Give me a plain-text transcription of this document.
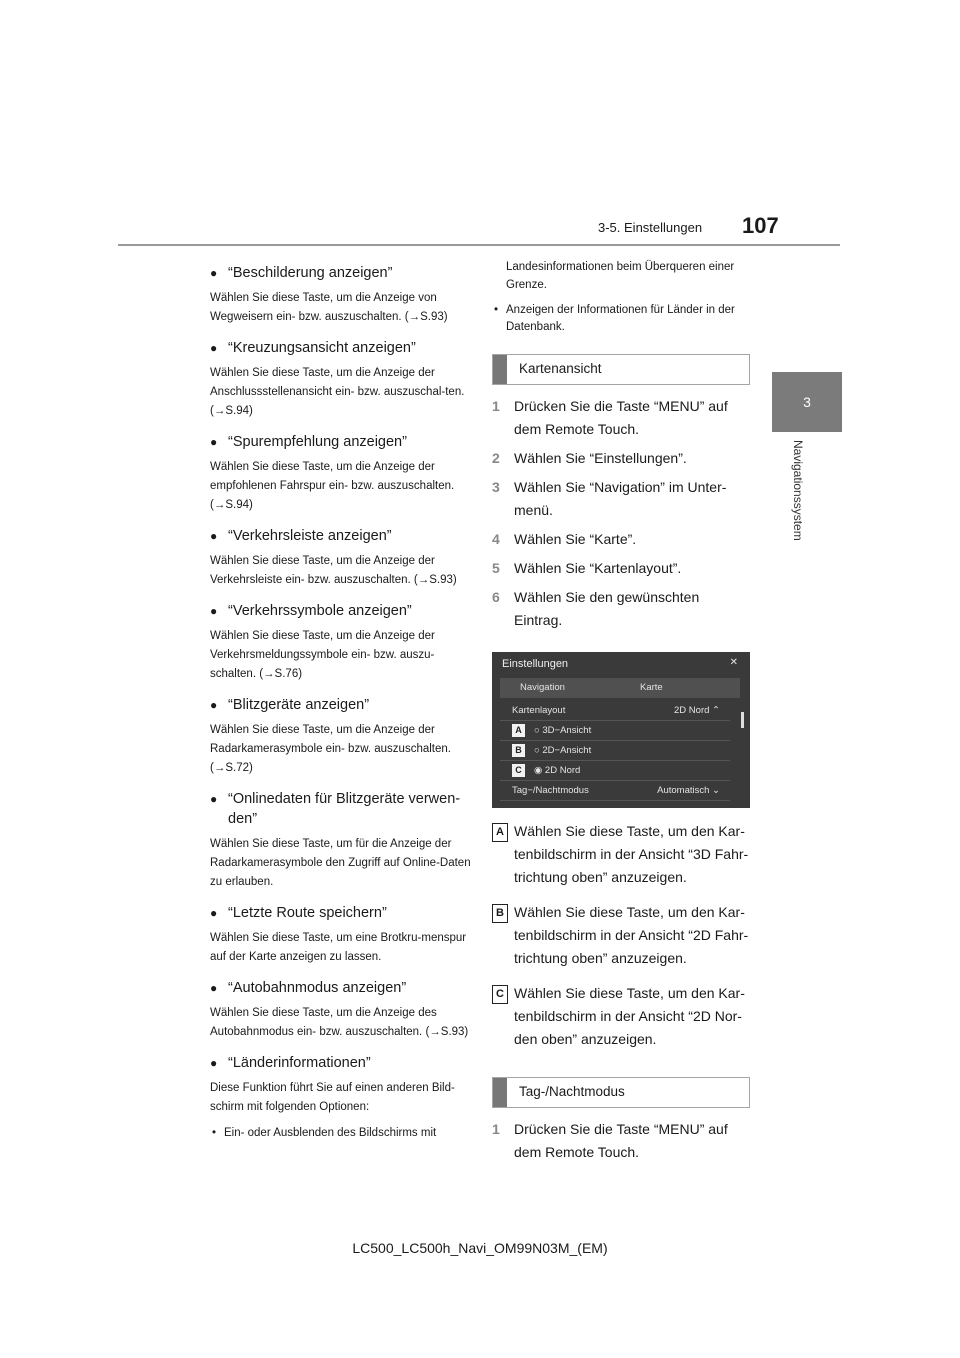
3-5. Einstellungen 107
3
Navigationssystem
● “Beschilderung anzeigen”
Wählen Sie diese Taste, um die Anzeige von Wegweisern ein- bzw. auszuschalten. (→S.93)
● “Kreuzungsansicht anzeigen”
Wählen Sie diese Taste, um die Anzeige der Anschlussstellenansicht ein- bzw. auszuschal-ten. (→S.94)
● “Spurempfehlung anzeigen”
Wählen Sie diese Taste, um die Anzeige der empfohlenen Fahrspur ein- bzw. auszuschalten. (→S.94)
● “Verkehrsleiste anzeigen”
Wählen Sie diese Taste, um die Anzeige der Verkehrsleiste ein- bzw. auszuschalten. (→S.93)
● “Verkehrssymbole anzeigen”
Wählen Sie diese Taste, um die Anzeige der Verkehrsmeldungssymbole ein- bzw. auszu-schalten. (→S.76)
● “Blitzgeräte anzeigen”
Wählen Sie diese Taste, um die Anzeige der Radarkamerasymbole ein- bzw. auszuschalten. (→S.72)
● “Onlinedaten für Blitzgeräte verwen-den”
Wählen Sie diese Taste, um für die Anzeige der Radarkamerasymbole den Zugriff auf Online-Daten zu erlauben.
● “Letzte Route speichern”
Wählen Sie diese Taste, um eine Brotkru-menspur auf der Karte anzeigen zu lassen.
● “Autobahnmodus anzeigen”
Wählen Sie diese Taste, um die Anzeige des Autobahnmodus ein- bzw. auszuschalten. (→S.93)
● “Länderinformationen”
Diese Funktion führt Sie auf einen anderen Bild-schirm mit folgenden Optionen:
• Ein- oder Ausblenden des Bildschirms mit
Landesinformationen beim Überqueren einer Grenze.
• Anzeigen der Informationen für Länder in der Datenbank.
Kartenansicht
1 Drücken Sie die Taste “MENU” auf dem Remote Touch.
2 Wählen Sie “Einstellungen”.
3 Wählen Sie “Navigation” im Unter-menü.
4 Wählen Sie “Karte”.
5 Wählen Sie “Kartenlayout”.
6 Wählen Sie den gewünschten Eintrag.
Einstellungen	✕
Navigation	Karte
Kartenlayout	2D Nord ⌃
A	○ 3D−Ansicht
B	○ 2D−Ansicht
C	◉ 2D Nord
Tag−/Nachtmodus	Automatisch ⌄
A Wählen Sie diese Taste, um den Kar-tenbildschirm in der Ansicht “3D Fahr-trichtung oben” anzuzeigen.
B Wählen Sie diese Taste, um den Kar-tenbildschirm in der Ansicht “2D Fahr-trichtung oben” anzuzeigen.
C Wählen Sie diese Taste, um den Kar-tenbildschirm in der Ansicht “2D Nor-den oben” anzuzeigen.
Tag-/Nachtmodus
1 Drücken Sie die Taste “MENU” auf dem Remote Touch.
LC500_LC500h_Navi_OM99N03M_(EM)
